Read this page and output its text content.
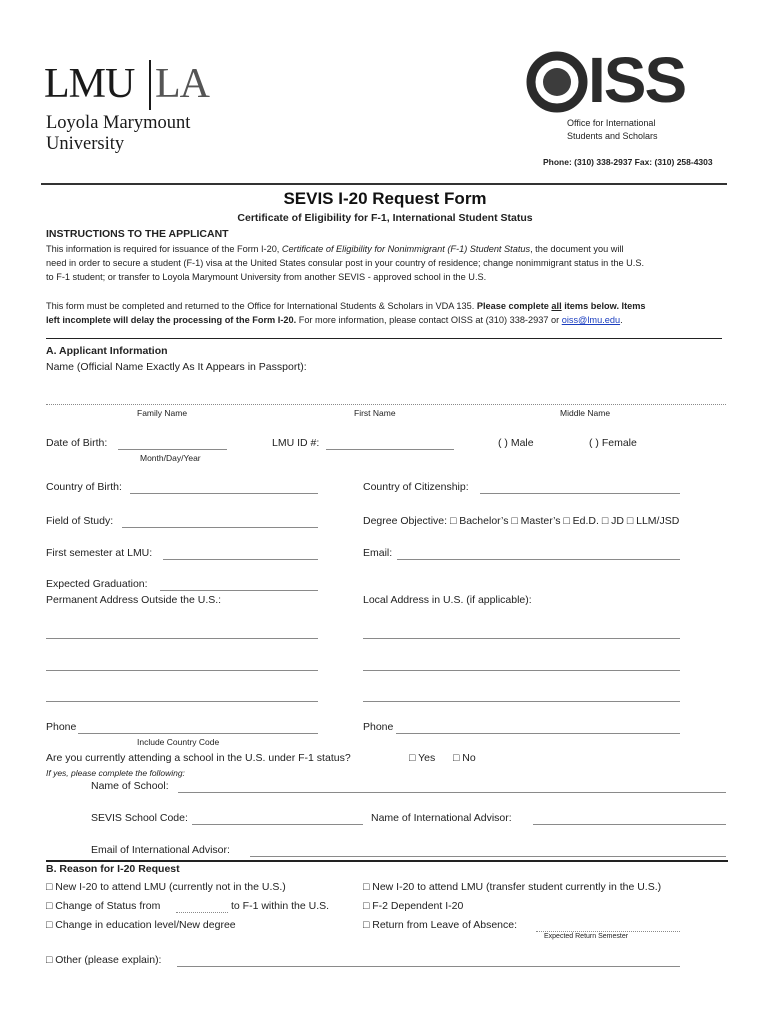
LMU LA
Loyola Marymount
University
ISS
Office for International
Students and Scholars
Phone: (310) 338-2937 Fax: (310) 258-4303
SEVIS I-20 Request Form
Certificate of Eligibility for F-1, International Student Status
INSTRUCTIONS TO THE APPLICANT
This information is required for issuance of the Form I-20, Certificate of Eligibility for Nonimmigrant (F-1) Student Status, the document you will
need in order to secure a student (F-1) visa at the United States consular post in your country of residence; change nonimmigrant status in the U.S.
to F-1 student; or transfer to Loyola Marymount University from another SEVIS - approved school in the U.S.
This form must be completed and returned to the Office for International Students & Scholars in VDA 135. Please complete all items below. Items
left incomplete will delay the processing of the Form I-20. For more information, please contact OISS at (310) 338-2937 or oiss@lmu.edu.
A. Applicant Information
Name (Official Name Exactly As It Appears in Passport):
Family Name	First Name	Middle Name
Date of Birth:
Month/Day/Year
LMU ID #:	( ) Male	( ) Female
Country of Birth:	Country of Citizenship:
Field of Study:	Degree Objective: □ Bachelor’s □ Master’s □ Ed.D. □ JD □ LLM/JSD
First semester at LMU:	Email:
Expected Graduation:
Permanent Address Outside the U.S.:	Local Address in U.S. (if applicable):
Phone
Include Country Code
Phone
Are you currently attending a school in the U.S. under F-1 status?	□ Yes □ No
If yes, please complete the following:
Name of School:
SEVIS School Code:	Name of International Advisor:
Email of International Advisor:
B. Reason for I-20 Request
□ New I-20 to attend LMU (currently not in the U.S.)	□ New I-20 to attend LMU (transfer student currently in the U.S.)
□ Change of Status from	to F-1 within the U.S.	□ F-2 Dependent I-20
□ Change in education level/New degree	□ Return from Leave of Absence:
Expected Return Semester
□ Other (please explain):
